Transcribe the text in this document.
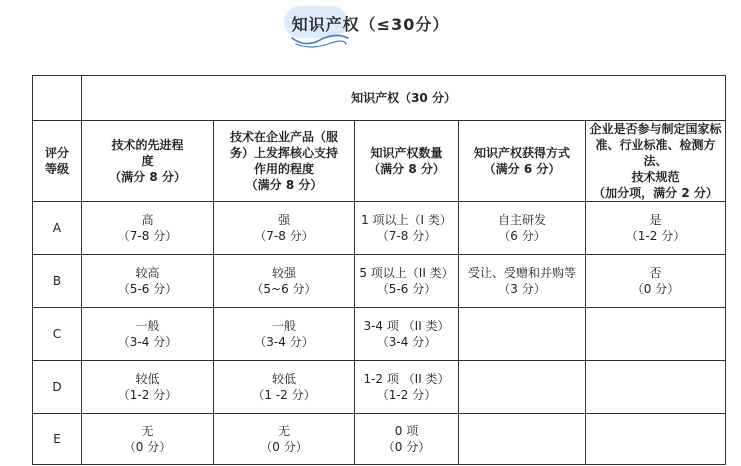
知识产权（≤30分）
	知识产权（30 分）				

评分
等级	技术的先进程
度
（满分 8 分）	技术在企业产品（服
务）上发挥核心支持
作用的程度
（满分 8 分）	知识产权数量
（满分 8 分）	知识产权获得方式
（满分 6 分）	企业是否参与制定国家标
准、行业标准、检测方法、
技术规范
（加分项，满分 2 分）

A	高
（7-8 分）	强
（7-8 分）	1 项以上（I 类）
（7-8 分）	自主研发
（6 分）	是
（1-2 分）

B	较高
（5-6 分）	较强
（5~6 分）	5 项以上（II 类）
（5-6 分）	受让、受赠和并购等
（3 分）	否
（0 分）

C	一般
（3-4 分）	一般
（3-4 分）	3-4 项 （II 类）
（3-4 分）		

D	较低
（1-2 分）	较低
（1 -2 分）	1-2 项 （II 类）
（1-2 分）		

E	无
（0 分）	无
（0 分）	0 项
（0 分）		
